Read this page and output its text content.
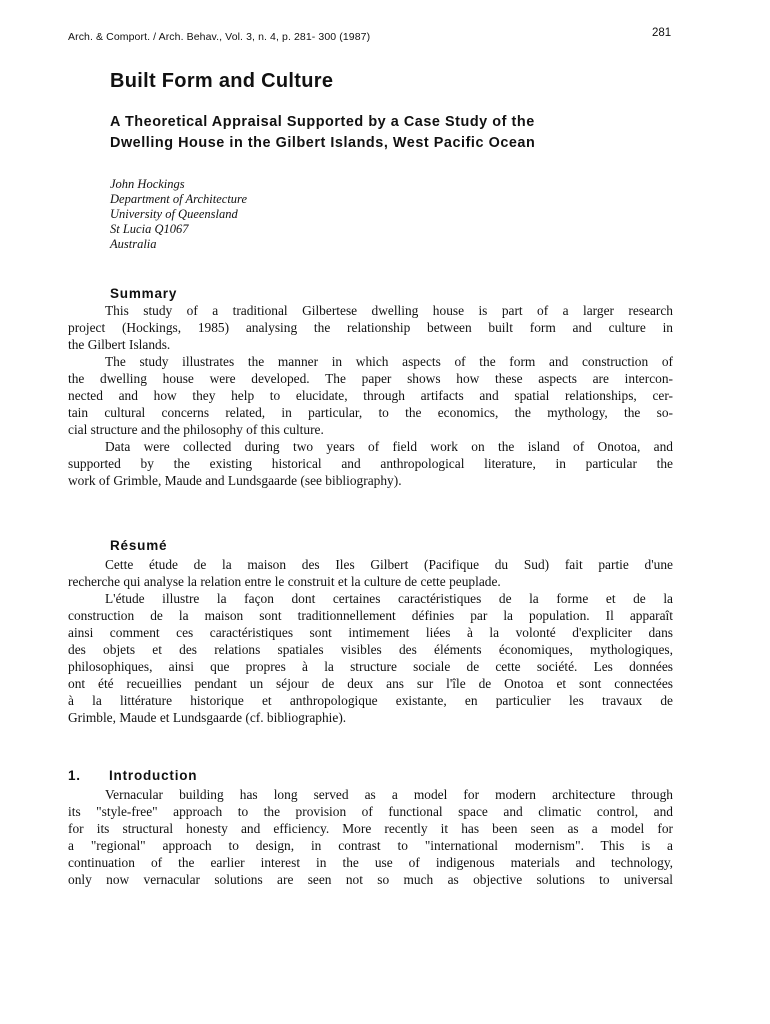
Arch. & Comport. / Arch. Behav., Vol. 3, n. 4, p. 281- 300 (1987)	281
Built Form and Culture
A Theoretical Appraisal Supported by a Case Study of the
Dwelling House in the Gilbert Islands, West Pacific Ocean
John Hockings
Department of Architecture
University of Queensland
St Lucia Q1067
Australia
Summary
This study of a traditional Gilbertese dwelling house is part of a larger research
project (Hockings, 1985) analysing the relationship between built form and culture in
the Gilbert Islands.
The study illustrates the manner in which aspects of the form and construction of
the dwelling house were developed. The paper shows how these aspects are intercon-
nected and how they help to elucidate, through artifacts and spatial relationships, cer-
tain cultural concerns related, in particular, to the economics, the mythology, the so-
cial structure and the philosophy of this culture.
Data were collected during two years of field work on the island of Onotoa, and
supported by the existing historical and anthropological literature, in particular the
work of Grimble, Maude and Lundsgaarde (see bibliography).
Résumé
Cette étude de la maison des Iles Gilbert (Pacifique du Sud) fait partie d'une
recherche qui analyse la relation entre le construit et la culture de cette peuplade.
L'étude illustre la façon dont certaines caractéristiques de la forme et de la
construction de la maison sont traditionnellement définies par la population. Il apparaît
ainsi comment ces caractéristiques sont intimement liées à la volonté d'expliciter dans
des objets et des relations spatiales visibles des éléments économiques, mythologiques,
philosophiques, ainsi que propres à la structure sociale de cette société. Les données
ont été recueillies pendant un séjour de deux ans sur l'île de Onotoa et sont connectées
à la littérature historique et anthropologique existante, en particulier les travaux de
Grimble, Maude et Lundsgaarde (cf. bibliographie).
1. Introduction
Vernacular building has long served as a model for modern architecture through
its "style-free" approach to the provision of functional space and climatic control, and
for its structural honesty and efficiency. More recently it has been seen as a model for
a "regional" approach to design, in contrast to "international modernism". This is a
continuation of the earlier interest in the use of indigenous materials and technology,
only now vernacular solutions are seen not so much as objective solutions to universal
